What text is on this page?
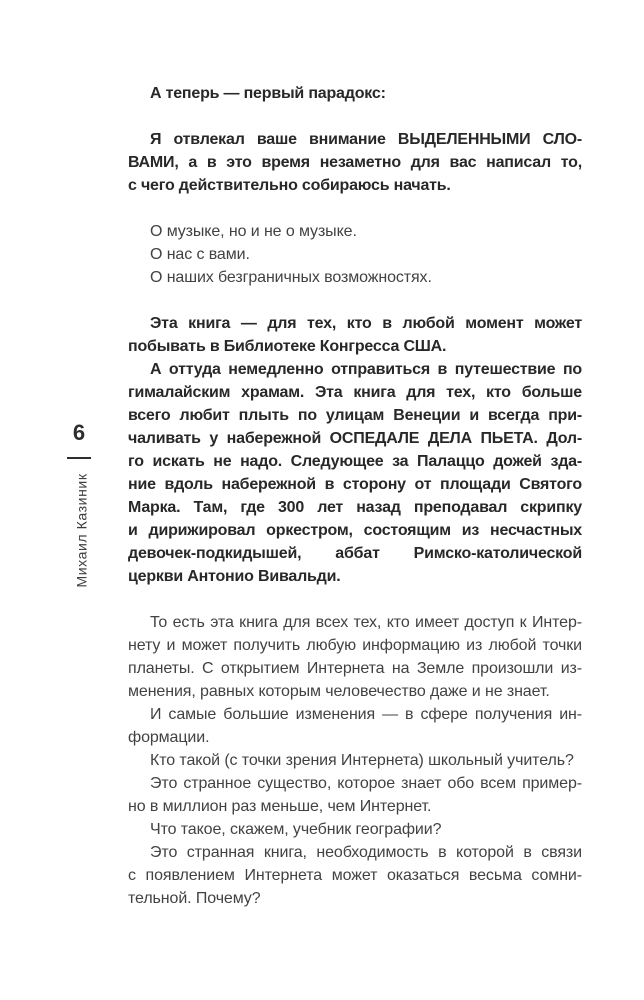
6
Михаил Казиник
А теперь — первый парадокс:
Я отвлекал ваше внимание ВЫДЕЛЕННЫМИ СЛО-
ВАМИ, а в это время незаметно для вас написал то,
с чего действительно собираюсь начать.
О музыке, но и не о музыке.
О нас с вами.
О наших безграничных возможностях.
Эта книга — для тех, кто в любой момент может
побывать в Библиотеке Конгресса США.
А оттуда немедленно отправиться в путешествие по
гималайским храмам. Эта книга для тех, кто больше
всего любит плыть по улицам Венеции и всегда при-
чаливать у набережной ОСПЕДАЛЕ ДЕЛА ПЬЕТА. Дол-
го искать не надо. Следующее за Палаццо дожей зда-
ние вдоль набережной в сторону от площади Святого
Марка. Там, где 300 лет назад преподавал скрипку
и дирижировал оркестром, состоящим из несчастных
девочек-подкидышей, аббат Римско-католической
церкви Антонио Вивальди.
То есть эта книга для всех тех, кто имеет доступ к Интер-
нету и может получить любую информацию из любой точки
планеты. С открытием Интернета на Земле произошли из-
менения, равных которым человечество даже и не знает.
И самые большие изменения — в сфере получения ин-
формации.
Кто такой (с точки зрения Интернета) школьный учитель?
Это странное существо, которое знает обо всем пример-
но в миллион раз меньше, чем Интернет.
Что такое, скажем, учебник географии?
Это странная книга, необходимость в которой в связи
с появлением Интернета может оказаться весьма сомни-
тельной. Почему?
